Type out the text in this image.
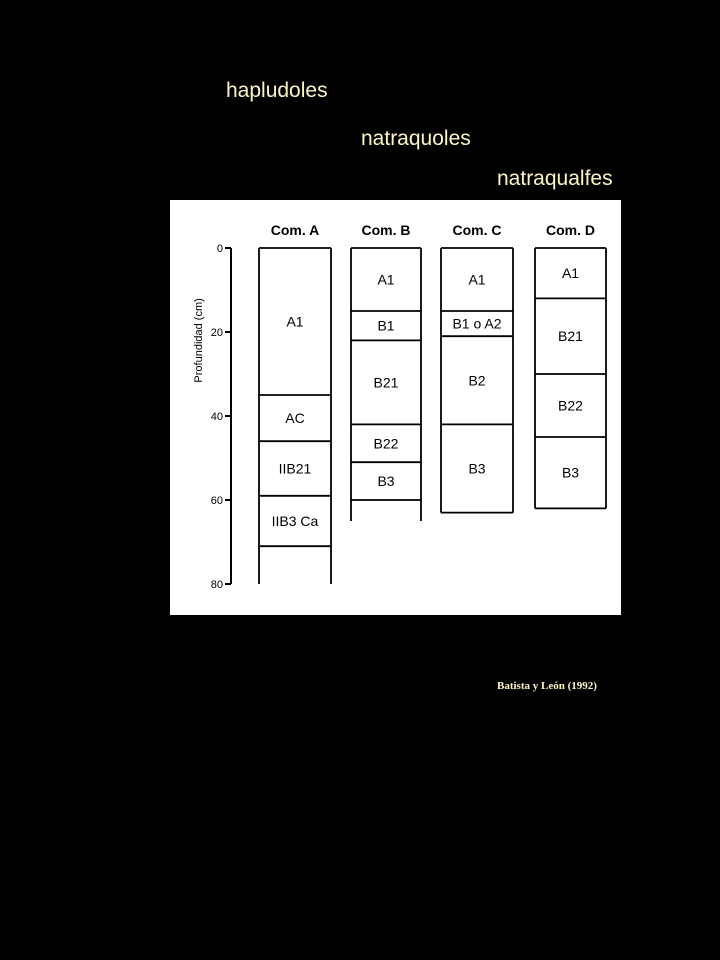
hapludoles
natraquoles
natraqualfes
0
20
40
60
80
Profundidad (cm)
Com. A
A1
AC
IIB21
IIB3 Ca
Com. B
A1
B1
B21
B22
B3
Com. C
A1
B1 o A2
B2
B3
Com. D
A1
B21
B22
B3
Batista y León (1992)
